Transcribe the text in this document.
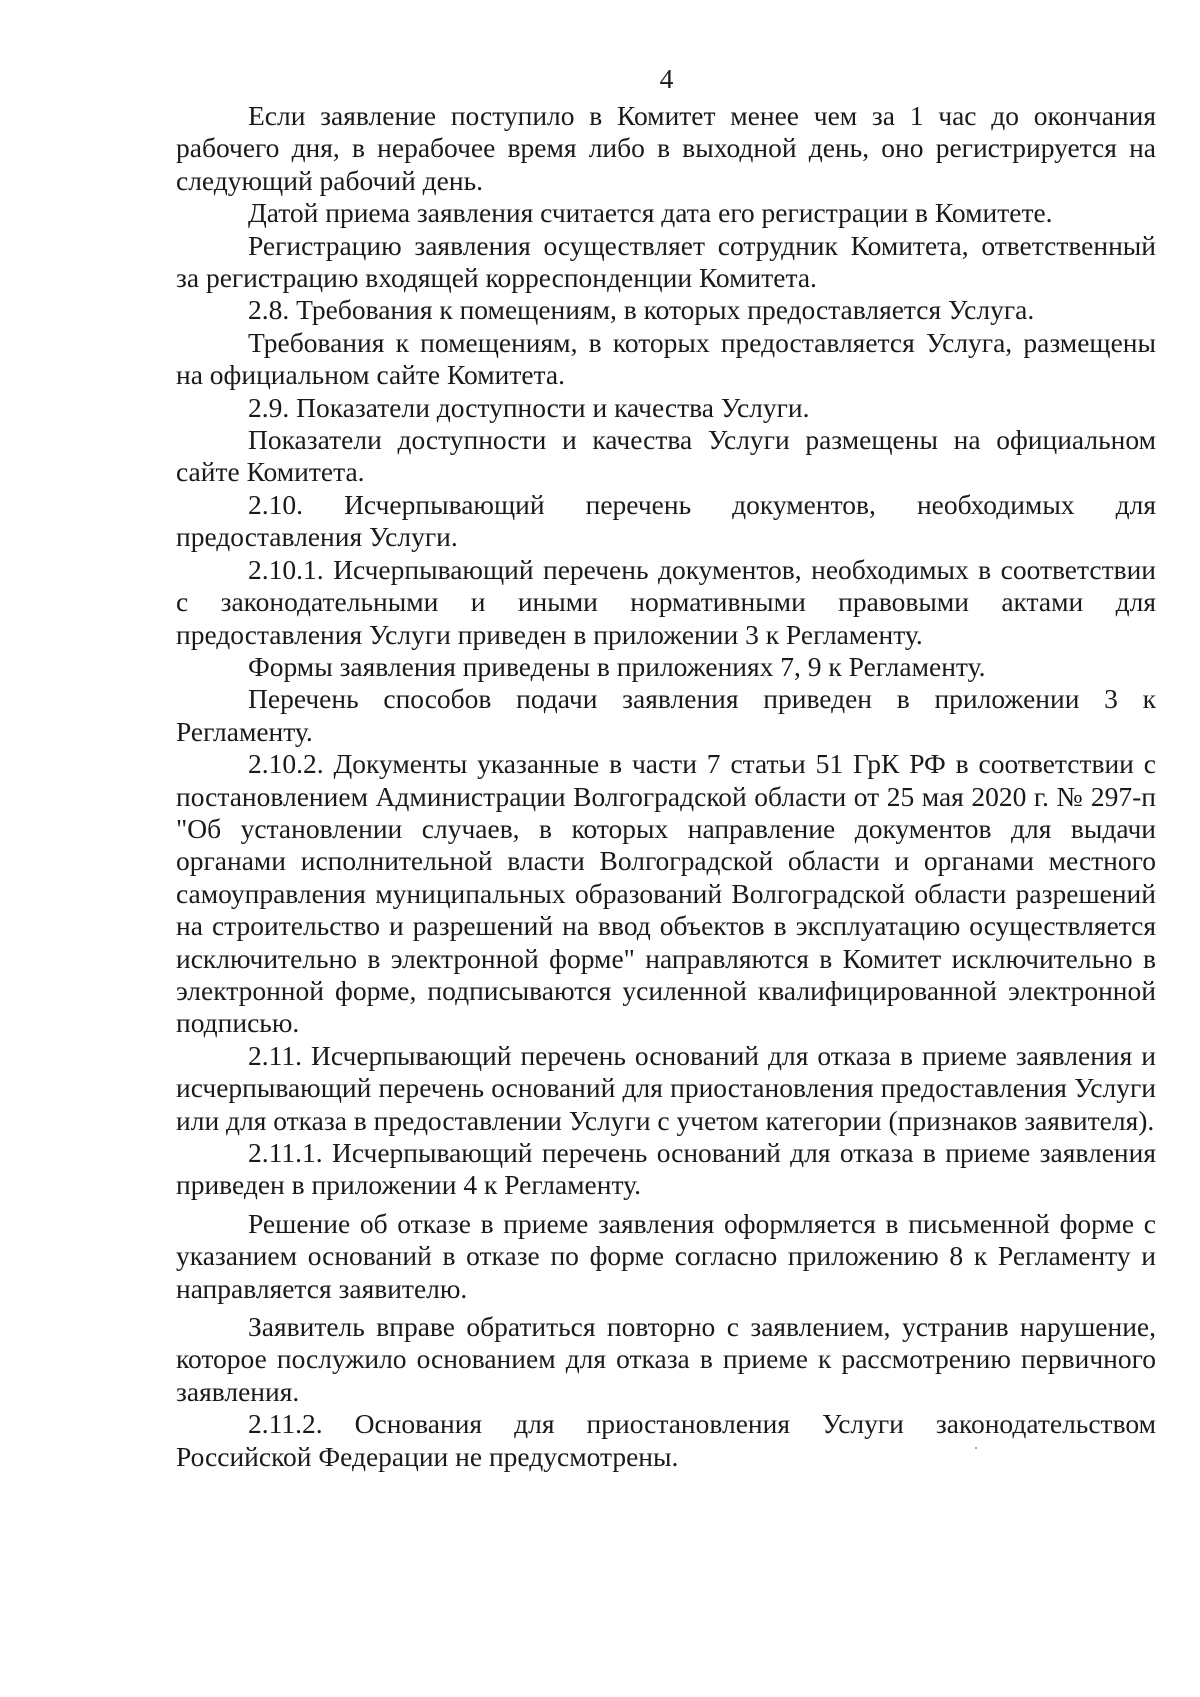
4

Если заявление поступило в Комитет менее чем за 1 час до окончания рабочего дня, в нерабочее время либо в выходной день, оно регистрируется на следующий рабочий день.

Датой приема заявления считается дата его регистрации в Комитете.

Регистрацию заявления осуществляет сотрудник Комитета, ответственный за регистрацию входящей корреспонденции Комитета.

2.8. Требования к помещениям, в которых предоставляется Услуга.

Требования к помещениям, в которых предоставляется Услуга, размещены на официальном сайте Комитета.

2.9. Показатели доступности и качества Услуги.

Показатели доступности и качества Услуги размещены на официальном сайте Комитета.

2.10. Исчерпывающий перечень документов, необходимых для предоставления Услуги.

2.10.1. Исчерпывающий перечень документов, необходимых в соответствии с законодательными и иными нормативными правовыми актами для предоставления Услуги приведен в приложении 3 к Регламенту.

Формы заявления приведены в приложениях 7, 9 к Регламенту.

Перечень способов подачи заявления приведен в приложении 3 к Регламенту.

2.10.2. Документы указанные в части 7 статьи 51 ГрК РФ в соответствии с постановлением Администрации Волгоградской области от 25 мая 2020 г. № 297-п "Об установлении случаев, в которых направление документов для выдачи органами исполнительной власти Волгоградской области и органами местного самоуправления муниципальных образований Волгоградской области разрешений на строительство и разрешений на ввод объектов в эксплуатацию осуществляется исключительно в электронной форме" направляются в Комитет исключительно в электронной форме, подписываются усиленной квалифицированной электронной подписью.

2.11. Исчерпывающий перечень оснований для отказа в приеме заявления и исчерпывающий перечень оснований для приостановления предоставления Услуги или для отказа в предоставлении Услуги с учетом категории (признаков заявителя).

2.11.1. Исчерпывающий перечень оснований для отказа в приеме заявления приведен в приложении 4 к Регламенту.

Решение об отказе в приеме заявления оформляется в письменной форме с указанием оснований в отказе по форме согласно приложению 8 к Регламенту и направляется заявителю.

Заявитель вправе обратиться повторно с заявлением, устранив нарушение, которое послужило основанием для отказа в приеме к рассмотрению первичного заявления.

2.11.2. Основания для приостановления Услуги законодательством Российской Федерации не предусмотрены.
